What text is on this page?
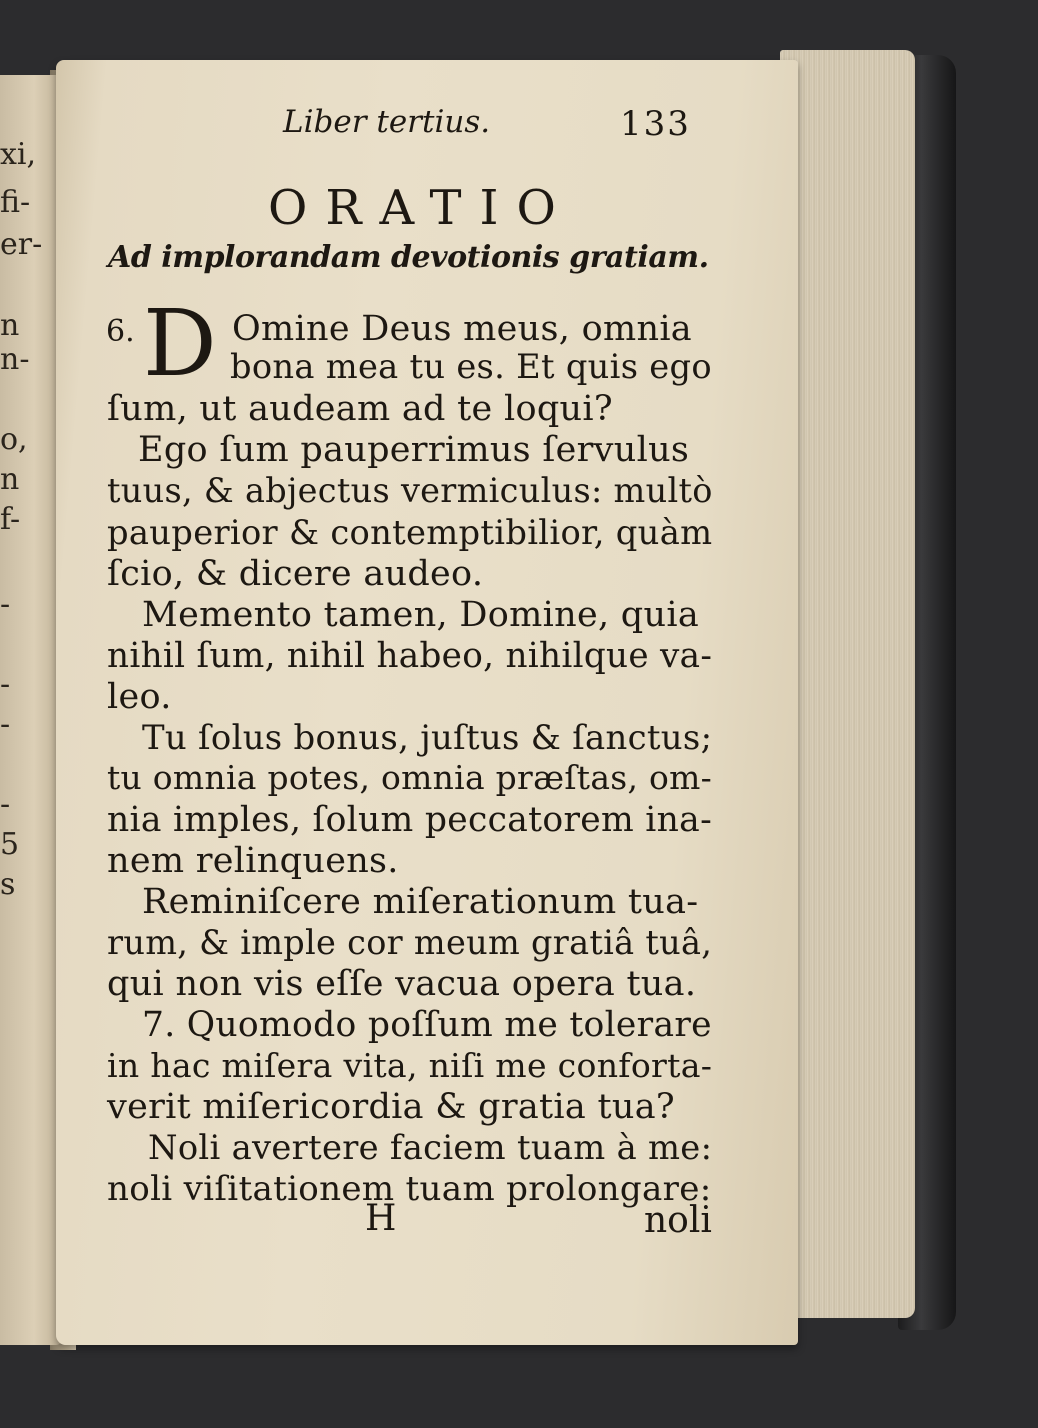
xi,
fi-
er-
n
n-
o,
n
f-
-
-
-
-
5
s
Liber tertius.	133
ORATIO
Ad implorandam devotionis gratiam.
6. D Omine Deus meus, omnia
bona mea tu es. Et quis ego
ſum, ut audeam ad te loqui?
Ego ſum pauperrimus ſervulus
tuus, & abjectus vermiculus: multò
pauperior & contemptibilior, quàm
ſcio, & dicere audeo.
Memento tamen, Domine, quia
nihil ſum, nihil habeo, nihilque va-
leo.
Tu ſolus bonus, juſtus & ſanctus;
tu omnia potes, omnia præſtas, om-
nia imples, ſolum peccatorem ina-
nem relinquens.
Reminiſcere miſerationum tua-
rum, & imple cor meum gratiâ tuâ,
qui non vis eſſe vacua opera tua.
7. Quomodo poſſum me tolerare
in hac miſera vita, niſi me conforta-
verit miſericordia & gratia tua?
Noli avertere faciem tuam à me:
noli viſitationem tuam prolongare:
H	noli
